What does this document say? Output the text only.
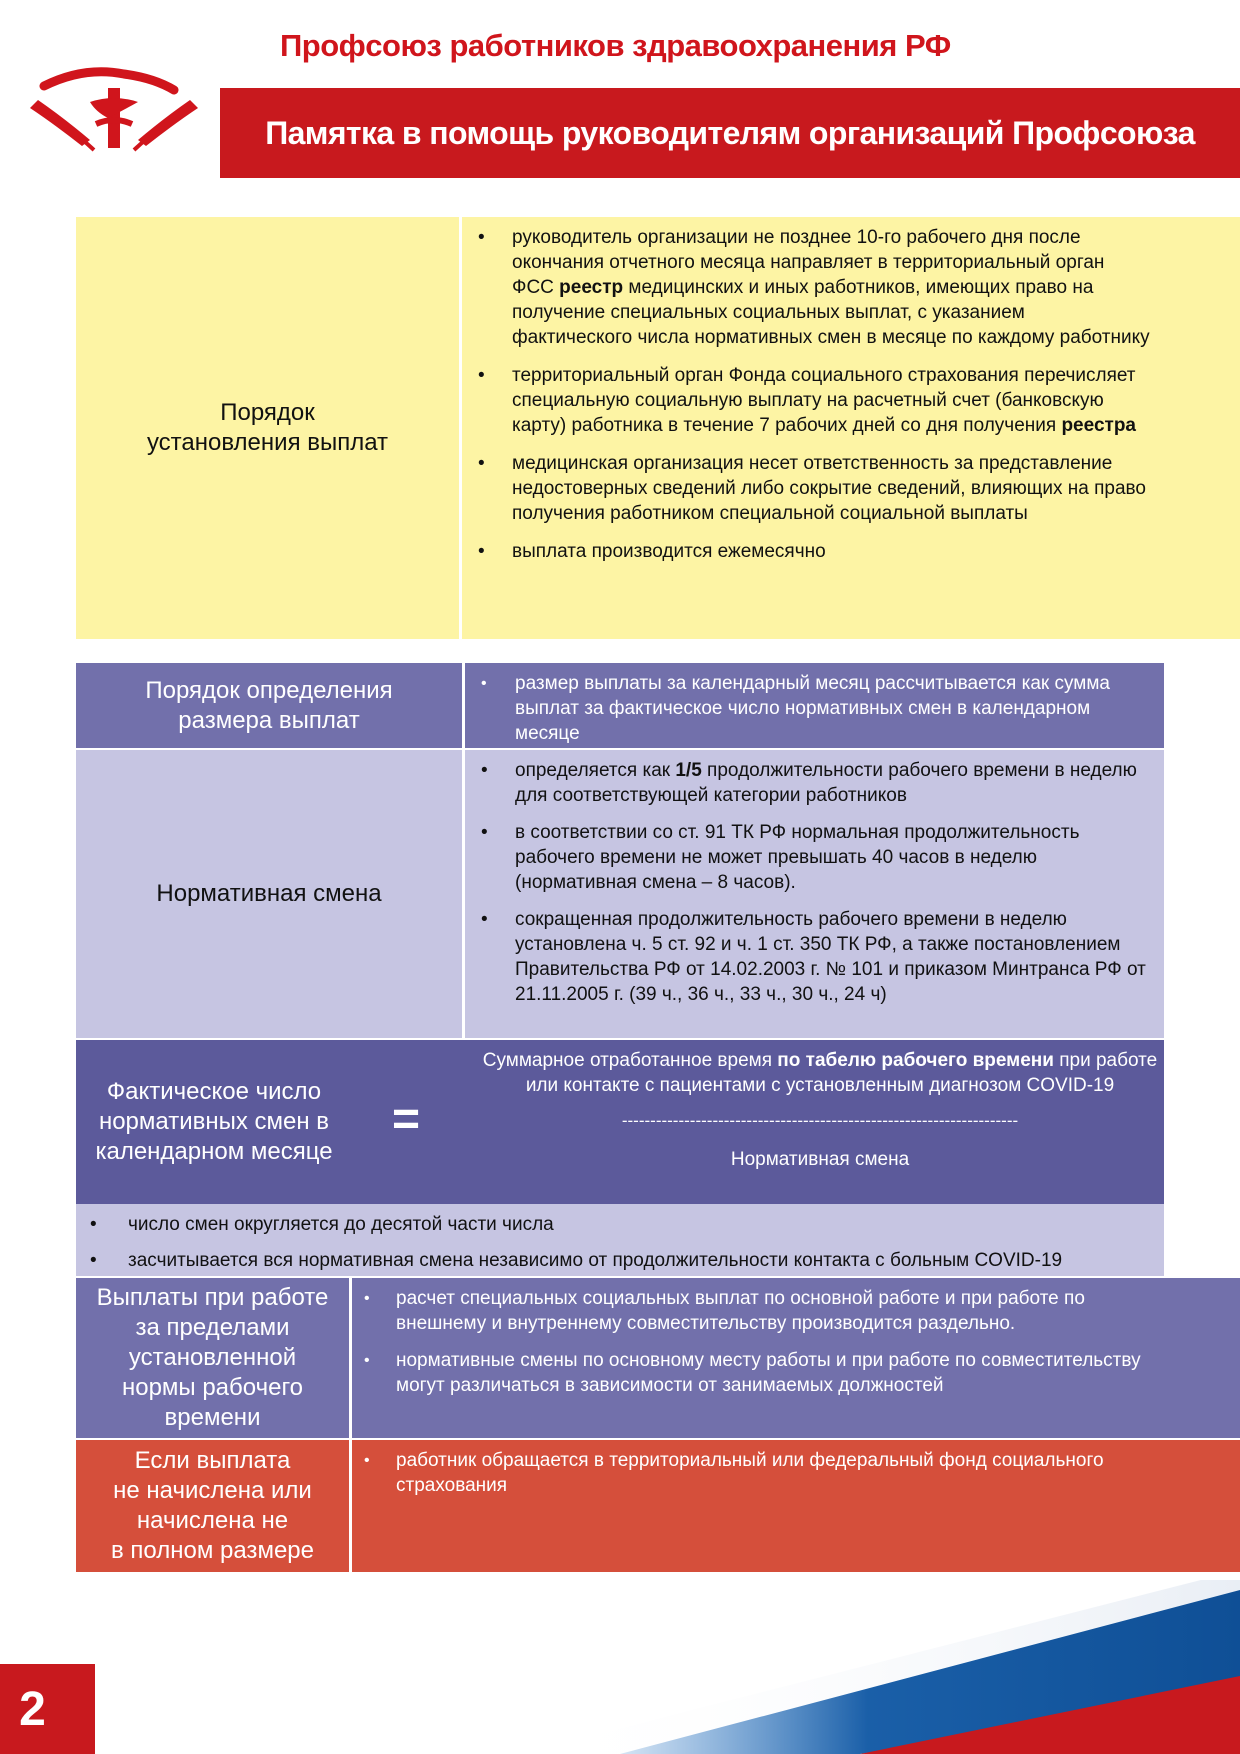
Профсоюз работников здравоохранения РФ
Памятка в помощь руководителям организаций Профсоюза
Порядок
установления выплат
• руководитель организации не позднее 10-го рабочего дня после окончания отчетного месяца направляет в территориальный орган ФСС реестр медицинских и иных работников, имеющих право на получение специальных социальных выплат, с указанием фактического числа нормативных смен в месяце по каждому работнику
• территориальный орган Фонда социального страхования перечисляет специальную социальную выплату на расчетный счет (банковскую карту) работника в течение 7 рабочих дней со дня получения реестра
• медицинская организация несет ответственность за представление недостоверных сведений либо сокрытие сведений, влияющих на право получения работником специальной социальной выплаты
• выплата производится ежемесячно
Порядок определения
размера выплат
• размер выплаты за календарный месяц рассчитывается как сумма выплат за фактическое число нормативных смен в календарном месяце
Нормативная смена
• определяется как 1/5 продолжительности рабочего времени в неделю для соответствующей категории работников
• в соответствии со ст. 91 ТК РФ нормальная продолжительность рабочего времени не может превышать 40 часов в неделю (нормативная смена – 8 часов).
• сокращенная продолжительность рабочего времени в неделю установлена ч. 5 ст. 92 и ч. 1 ст. 350 ТК РФ, а также постановлением Правительства РФ от 14.02.2003 г. № 101 и приказом Минтранса РФ от 21.11.2005 г. (39 ч., 36 ч., 33 ч., 30 ч., 24 ч)
Фактическое число
нормативных смен в
календарном месяце
=
Суммарное отработанное время по табелю рабочего времени при работе или контакте с пациентами с установленным диагнозом COVID-19
----------------------------------------------------------------------
Нормативная смена
• число смен округляется до десятой части числа
• засчитывается вся нормативная смена независимо от продолжительности контакта с больным COVID-19
Выплаты при работе
за пределами
установленной
нормы рабочего
времени
• расчет специальных социальных выплат по основной работе и при работе по внешнему и внутреннему совместительству производится раздельно.
• нормативные смены по основному месту работы и при работе по совместительству могут различаться в зависимости от занимаемых должностей
Если выплата
не начислена или
начислена не
в полном размере
• работник обращается в территориальный или федеральный фонд социального страхования
2
